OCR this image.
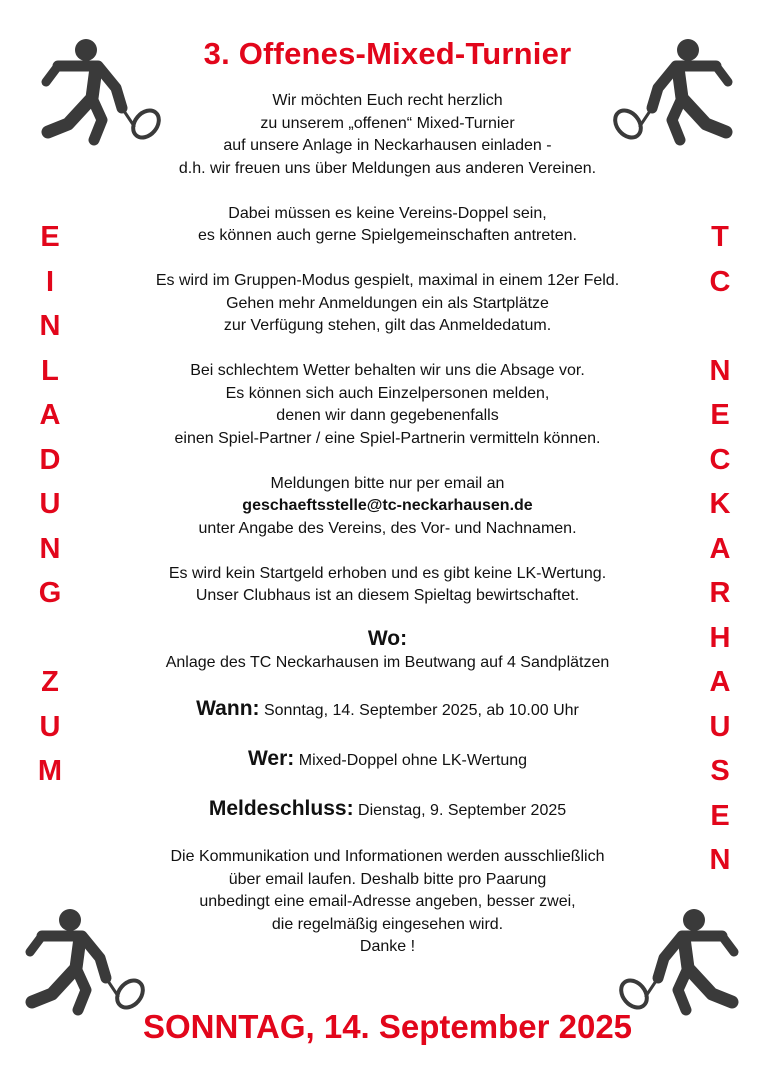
3. Offenes-Mixed-Turnier
E
I
N
L
A
D
U
N
G
Z
U
M
T
C
N
E
C
K
A
R
H
A
U
S
E
N
Wir möchten Euch recht herzlich
zu unserem „offenen“ Mixed-Turnier
auf unsere Anlage in Neckarhausen einladen -
d.h. wir freuen uns über Meldungen aus anderen Vereinen.
Dabei müssen es keine Vereins-Doppel sein,
es können auch gerne Spielgemeinschaften antreten.
Es wird im Gruppen-Modus gespielt, maximal in einem 12er Feld.
Gehen mehr Anmeldungen ein als Startplätze
zur Verfügung stehen, gilt das Anmeldedatum.
Bei schlechtem Wetter behalten wir uns die Absage vor.
Es können sich auch Einzelpersonen melden,
denen wir dann gegebenenfalls
einen Spiel-Partner / eine Spiel-Partnerin vermitteln können.
Meldungen bitte nur per email an
geschaeftsstelle@tc-neckarhausen.de
unter Angabe des Vereins, des Vor- und Nachnamen.
Es wird kein Startgeld erhoben und es gibt keine LK-Wertung.
Unser Clubhaus ist an diesem Spieltag bewirtschaftet.
Wo:
Anlage des TC Neckarhausen im Beutwang auf 4 Sandplätzen
Wann: Sonntag, 14. September 2025, ab 10.00 Uhr
Wer: Mixed-Doppel ohne LK-Wertung
Meldeschluss: Dienstag, 9. September 2025
Die Kommunikation und Informationen werden ausschließlich
über email laufen. Deshalb bitte pro Paarung
unbedingt eine email-Adresse angeben, besser zwei,
die regelmäßig eingesehen wird.
Danke !
SONNTAG, 14. September 2025
